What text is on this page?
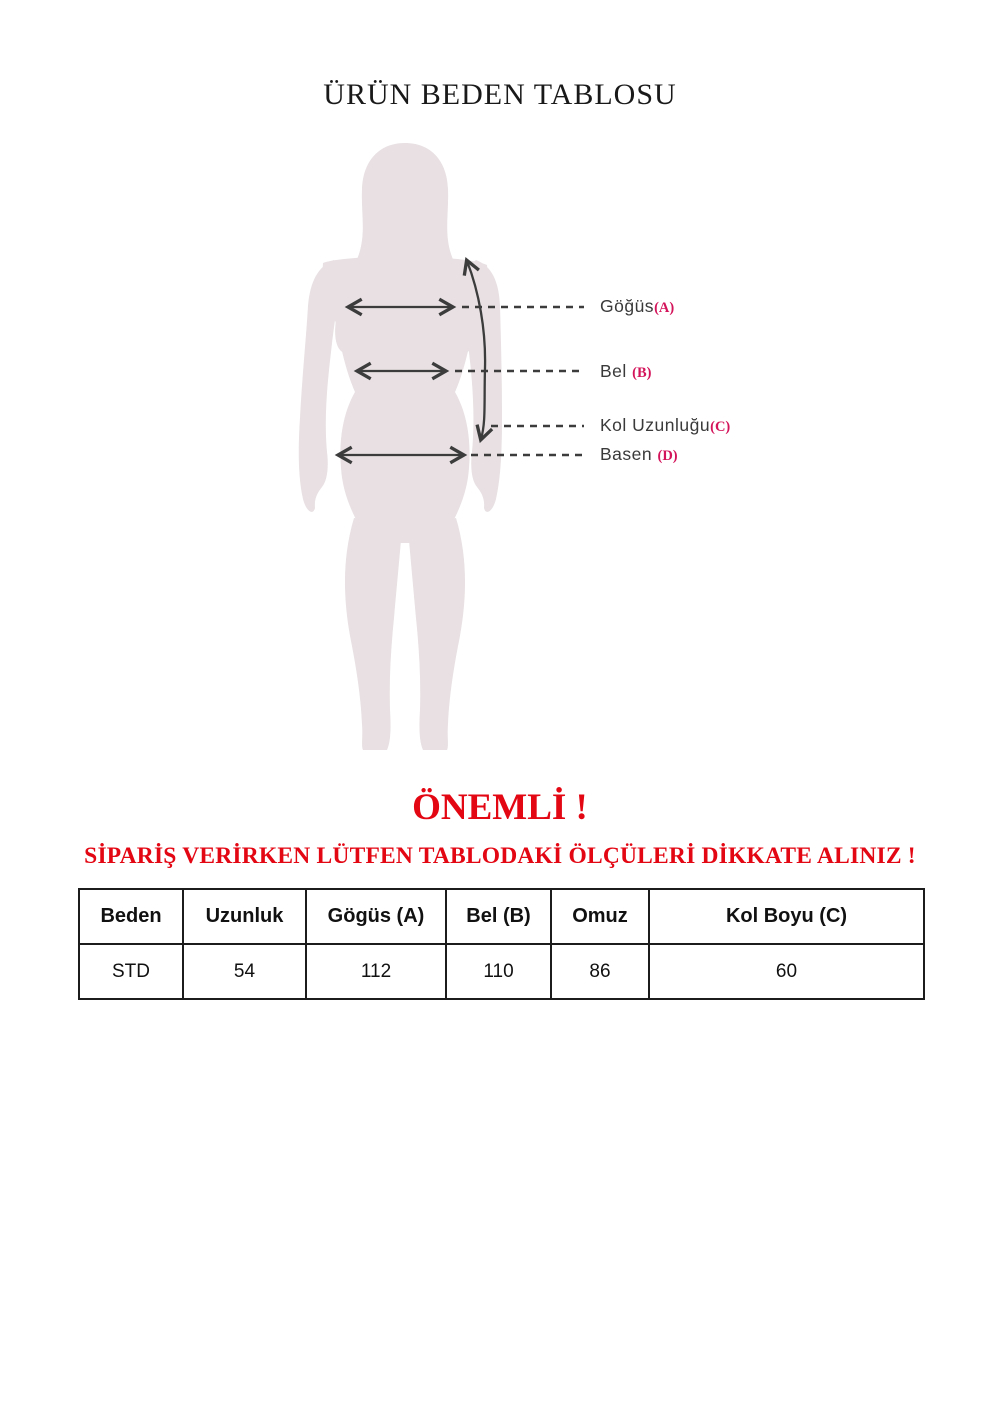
ÜRÜN BEDEN TABLOSU
Göğüs(A)
Bel (B)
Kol Uzunluğu(C)
Basen (D)
ÖNEMLİ !
SİPARİŞ VERİRKEN LÜTFEN TABLODAKİ ÖLÇÜLERİ DİKKATE ALINIZ !
Beden	Uzunluk	Gögüs (A)	Bel (B)	Omuz	Kol Boyu (C)
STD	54	112	110	86	60
